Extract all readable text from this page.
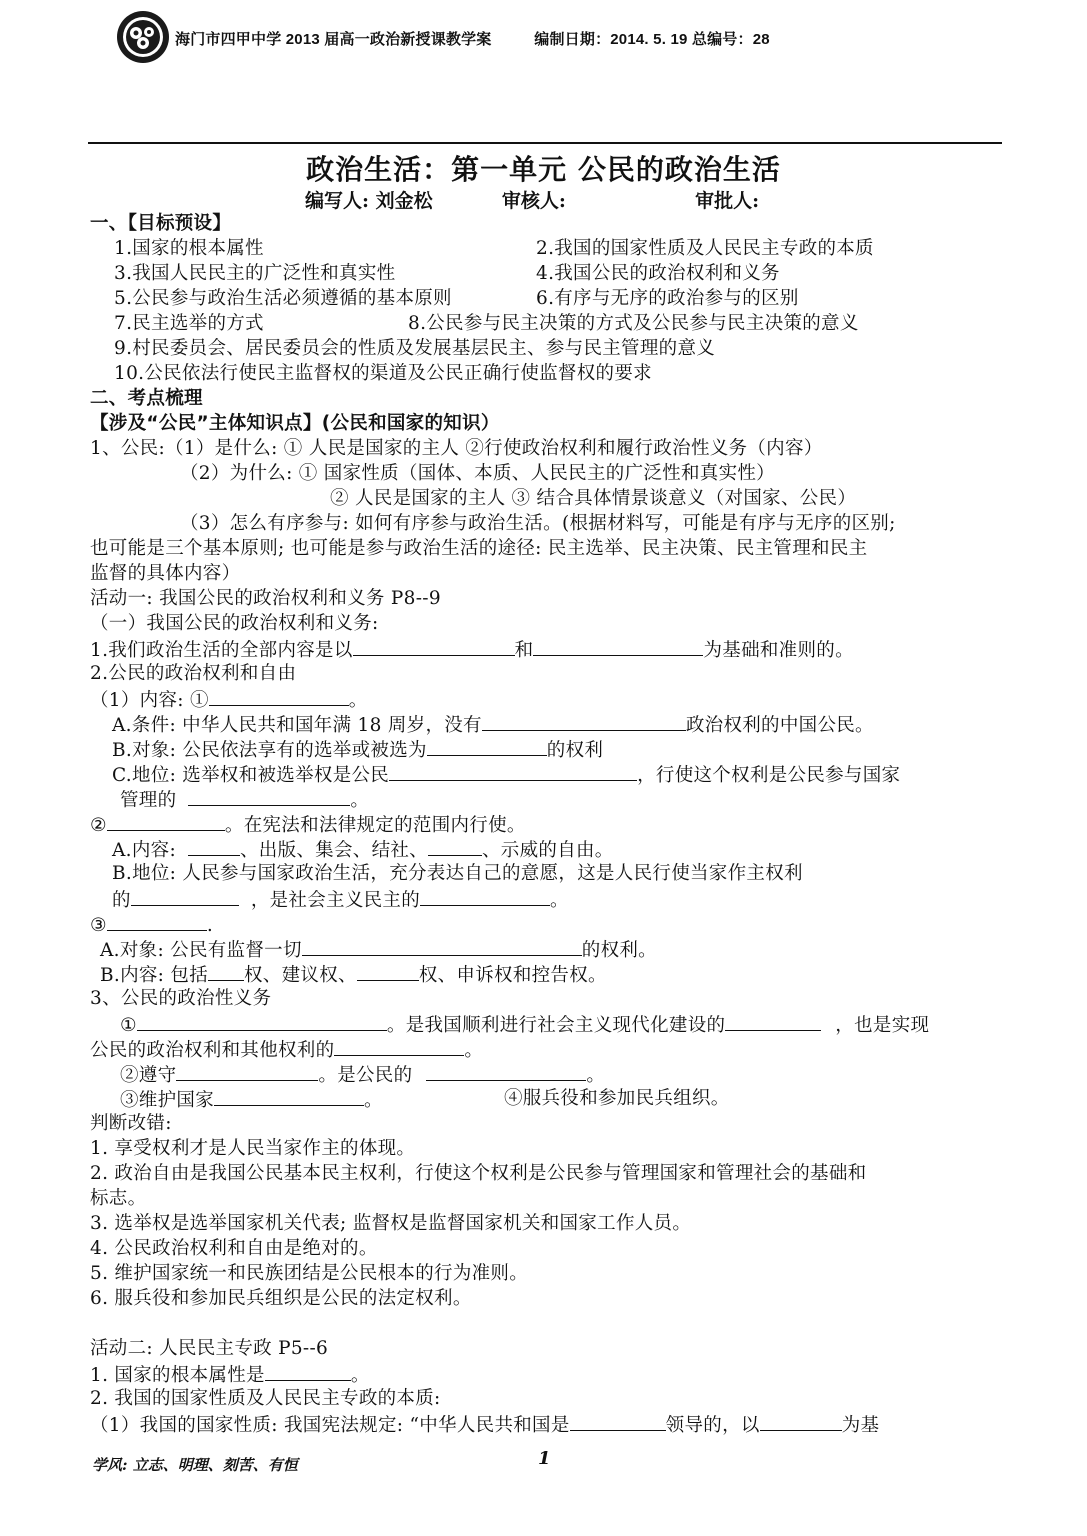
海门市四甲中学 2013 届高一政治新授课教学案	编制日期：2014. 5. 19 总编号：28
政治生活：第一单元 公民的政治生活
编写人: 刘金松	审核人:	审批人:
一、【目标预设】
1.国家的根本属性	2.我国的国家性质及人民民主专政的本质
3.我国人民民主的广泛性和真实性	4.我国公民的政治权利和义务
5.公民参与政治生活必须遵循的基本原则	6.有序与无序的政治参与的区别
7.民主选举的方式	8.公民参与民主决策的方式及公民参与民主决策的意义
9.村民委员会、居民委员会的性质及发展基层民主、参与民主管理的意义
10.公民依法行使民主监督权的渠道及公民正确行使监督权的要求
二、考点梳理
【涉及“公民”主体知识点】(公民和国家的知识）
1、公民:（1）是什么: ① 人民是国家的主人 ②行使政治权利和履行政治性义务（内容）
（2）为什么: ① 国家性质（国体、本质、人民民主的广泛性和真实性）
② 人民是国家的主人 ③ 结合具体情景谈意义（对国家、公民）
（3）怎么有序参与: 如何有序参与政治生活。(根据材料写，可能是有序与无序的区别;
也可能是三个基本原则; 也可能是参与政治生活的途径: 民主选举、民主决策、民主管理和民主
监督的具体内容）
活动一: 我国公民的政治权利和义务 P8--9
（一）我国公民的政治权利和义务:
1.我们政治生活的全部内容是以	和	为基础和准则的。
2.公民的政治权利和自由
（1）内容: ①	。
A.条件: 中华人民共和国年满 18 周岁，没有	政治权利的中国公民。
B.对象: 公民依法享有的选举或被选为	的权利
C.地位: 选举权和被选举权是公民	，行使这个权利是公民参与国家
管理的	。
②	。在宪法和法律规定的范围内行使。
A.内容:	、出版、集会、结社、	、示威的自由。
B.地位: 人民参与国家政治生活，充分表达自己的意愿，这是人民行使当家作主权利
的	，是社会主义民主的	。
③	.
A.对象: 公民有监督一切	的权利。
B.内容: 包括 权、建议权、	权、申诉权和控告权。
3、公民的政治性义务
①	。是我国顺利进行社会主义现代化建设的	，也是实现
公民的政治权利和其他权利的	。
②遵守	。是公民的	。
③维护国家	。	④服兵役和参加民兵组织。
判断改错:
1. 享受权利才是人民当家作主的体现。
2. 政治自由是我国公民基本民主权利，行使这个权利是公民参与管理国家和管理社会的基础和
标志。
3. 选举权是选举国家机关代表; 监督权是监督国家机关和国家工作人员。
4. 公民政治权利和自由是绝对的。
5. 维护国家统一和民族团结是公民根本的行为准则。
6. 服兵役和参加民兵组织是公民的法定权利。
活动二: 人民民主专政 P5--6
1. 国家的根本属性是	。
2. 我国的国家性质及人民民主专政的本质:
（1）我国的国家性质: 我国宪法规定: “中华人民共和国是	领导的，以	为基
学风: 立志、明理、刻苦、有恒	1
